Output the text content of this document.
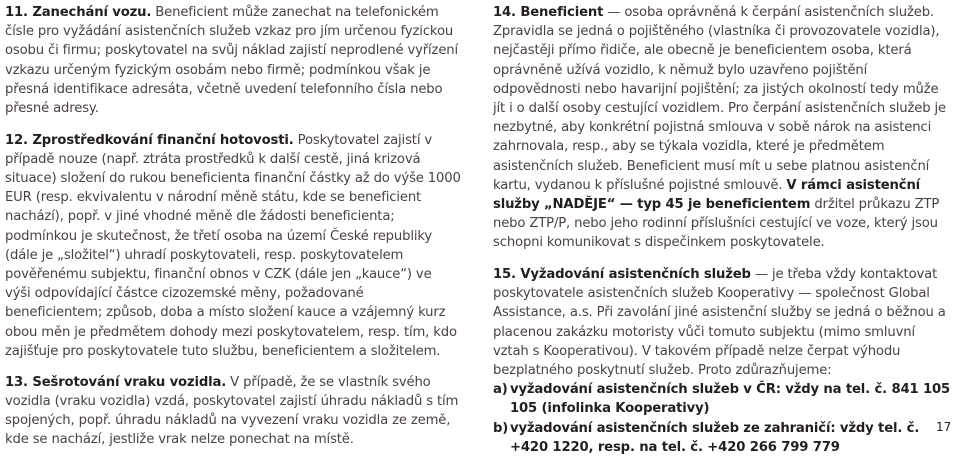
11. Zanechání vozu. Beneficient může zanechat na telefonickém čísle pro vyžádání asistenčních služeb vzkaz pro jím určenou fyzickou osobu či firmu; poskytovatel na svůj náklad zajistí neprodlené vyřízení vzkazu určeným fyzickým osobám nebo firmě; podmínkou však je přesná identifikace adresáta, včetně uvedení telefonního čísla nebo přesné adresy.

12. Zprostředkování finanční hotovosti. Poskytovatel zajistí v případě nouze (např. ztráta prostředků k další cestě, jiná krizová situace) složení do rukou beneficienta finanční částky až do výše 1000 EUR (resp. ekvivalentu v národní měně státu, kde se beneficient nachází), popř. v jiné vhodné měně dle žádosti beneficienta; podmínkou je skutečnost, že třetí osoba na území České republiky (dále je „složitel“) uhradí poskytovateli, resp. poskytovatelem pověřenému subjektu, finanční obnos v CZK (dále jen „kauce“) ve výši odpovídající částce cizozemské měny, požadované beneficientem; způsob, doba a místo složení kauce a vzájemný kurz obou měn je předmětem dohody mezi poskytovatelem, resp. tím, kdo zajišťuje pro poskytovatele tuto službu, beneficientem a složitelem.

13. Sešrotování vraku vozidla. V případě, že se vlastník svého vozidla (vraku vozidla) vzdá, poskytovatel zajistí úhradu nákladů s tím spojených, popř. úhradu nákladů na vyvezení vraku vozidla ze země, kde se nachází, jestliže vrak nelze ponechat na místě.

14. Beneficient — osoba oprávněná k čerpání asistenčních služeb. Zpravidla se jedná o pojištěného (vlastníka či provozovatele vozidla), nejčastěji přímo řidiče, ale obecně je beneficientem osoba, která oprávněně užívá vozidlo, k němuž bylo uzavřeno pojištění odpovědnosti nebo havarijní pojištění; za jistých okolností tedy může jít i o další osoby cestující vozidlem. Pro čerpání asistenčních služeb je nezbytné, aby konkrétní pojistná smlouva v sobě nárok na asistenci zahrnovala, resp., aby se týkala vozidla, které je předmětem asistenčních služeb. Beneficient musí mít u sebe platnou asistenční kartu, vydanou k příslušné pojistné smlouvě. V rámci asistenční služby „NADĚJE“ — typ 45 je beneficientem držitel průkazu ZTP nebo ZTP/P, nebo jeho rodinní příslušníci cestující ve voze, který jsou schopni komunikovat s dispečinkem poskytovatele.

15. Vyžadování asistenčních služeb — je třeba vždy kontaktovat poskytovatele asistenčních služeb Kooperativy — společnost Global Assistance, a.s. Při zavolání jiné asistenční služby se jedná o běžnou a placenou zakázku motoristy vůči tomuto subjektu (mimo smluvní vztah s Kooperativou). V takovém případě nelze čerpat výhodu bezplatného poskytnutí služeb. Proto zdůrazňujeme:
a) vyžadování asistenčních služeb v ČR: vždy na tel. č. 841 105 105 (infolinka Kooperativy)
b) vyžadování asistenčních služeb ze zahraničí: vždy tel. č. +420 1220, resp. na tel. č. +420 266 799 779
17
